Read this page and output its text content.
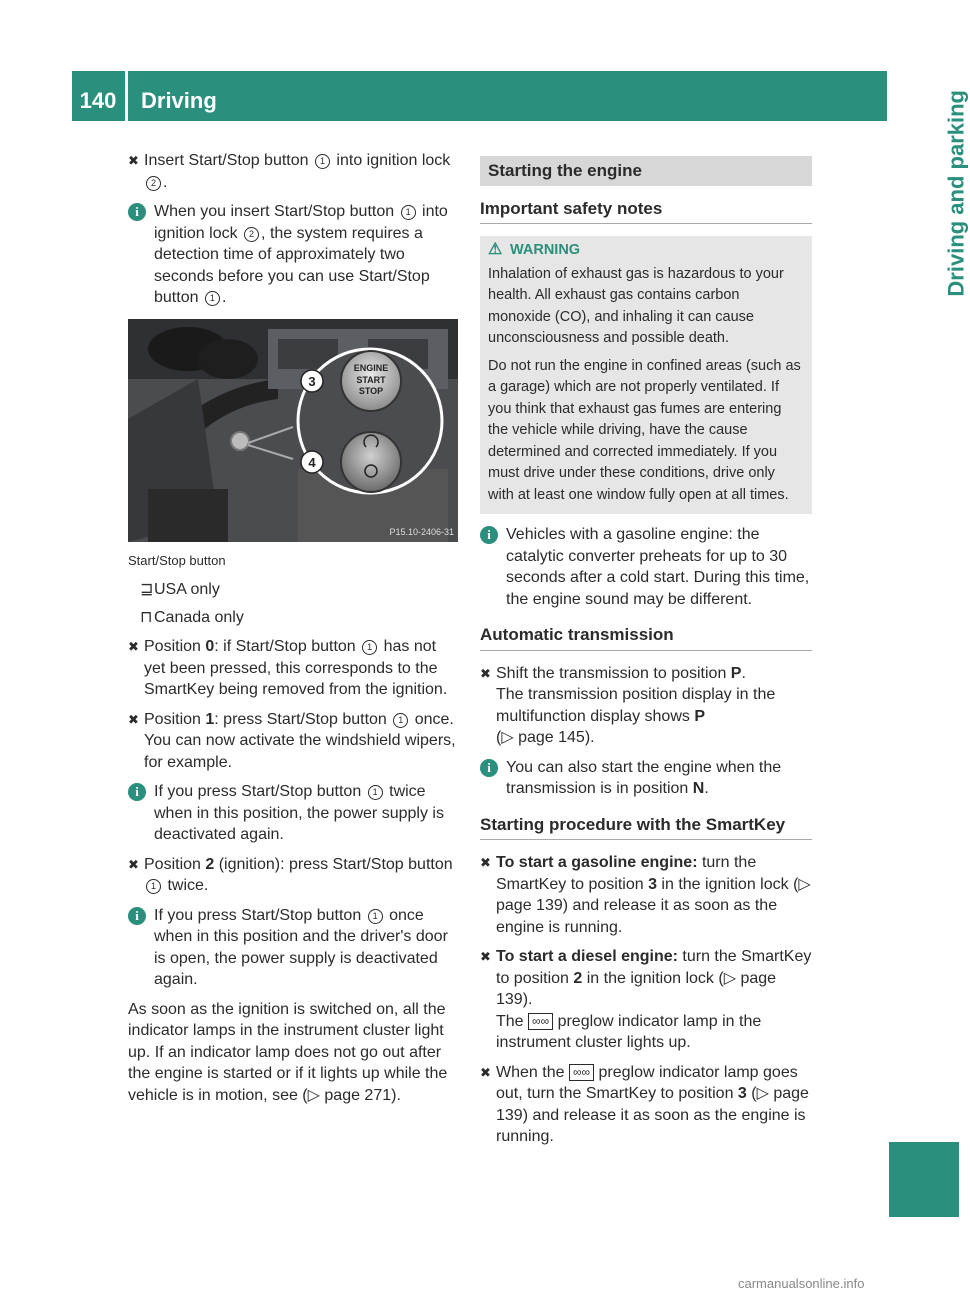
140	Driving	Driving and parking
✖ Insert Start/Stop button 1 into ignition lock 2 .
i When you insert Start/Stop button 1 into ignition lock 2 , the system requires a detection time of approximately two seconds before you can use Start/Stop button 1 .
ENGINE
START
STOP
3
4
P15.10-2406-31
Start/Stop button
⊒ USA only
⊓ Canada only
✖ Position 0: if Start/Stop button 1 has not yet been pressed, this corresponds to the SmartKey being removed from the ignition.
✖ Position 1: press Start/Stop button 1 once.
You can now activate the windshield wipers, for example.
i If you press Start/Stop button 1 twice when in this position, the power supply is deactivated again.
✖ Position 2 (ignition): press Start/Stop button 1 twice.
i If you press Start/Stop button 1 once when in this position and the driver's door is open, the power supply is deactivated again.

As soon as the ignition is switched on, all the indicator lamps in the instrument cluster light up. If an indicator lamp does not go out after the engine is started or if it lights up while the vehicle is in motion, see (▷ page 271).

Starting the engine
Important safety notes
⚠ WARNING

Inhalation of exhaust gas is hazardous to your health. All exhaust gas contains carbon monoxide (CO), and inhaling it can cause unconsciousness and possible death.

Do not run the engine in confined areas (such as a garage) which are not properly ventilated. If you think that exhaust gas fumes are entering the vehicle while driving, have the cause determined and corrected immediately. If you must drive under these conditions, drive only with at least one window fully open at all times.

i Vehicles with a gasoline engine: the catalytic converter preheats for up to 30 seconds after a cold start. During this time, the engine sound may be different.
Automatic transmission
✖ Shift the transmission to position P.
The transmission position display in the multifunction display shows P
(▷ page 145).
i You can also start the engine when the transmission is in position N.
Starting procedure with the SmartKey
✖ To start a gasoline engine: turn the SmartKey to position 3 in the ignition lock (▷ page 139) and release it as soon as the engine is running.
✖ To start a diesel engine: turn the SmartKey to position 2 in the ignition lock (▷ page 139).
The ∞∞ preglow indicator lamp in the instrument cluster lights up.
✖ When the ∞∞ preglow indicator lamp goes out, turn the SmartKey to position 3 (▷ page 139) and release it as soon as the engine is running.
carmanualsonline.info
